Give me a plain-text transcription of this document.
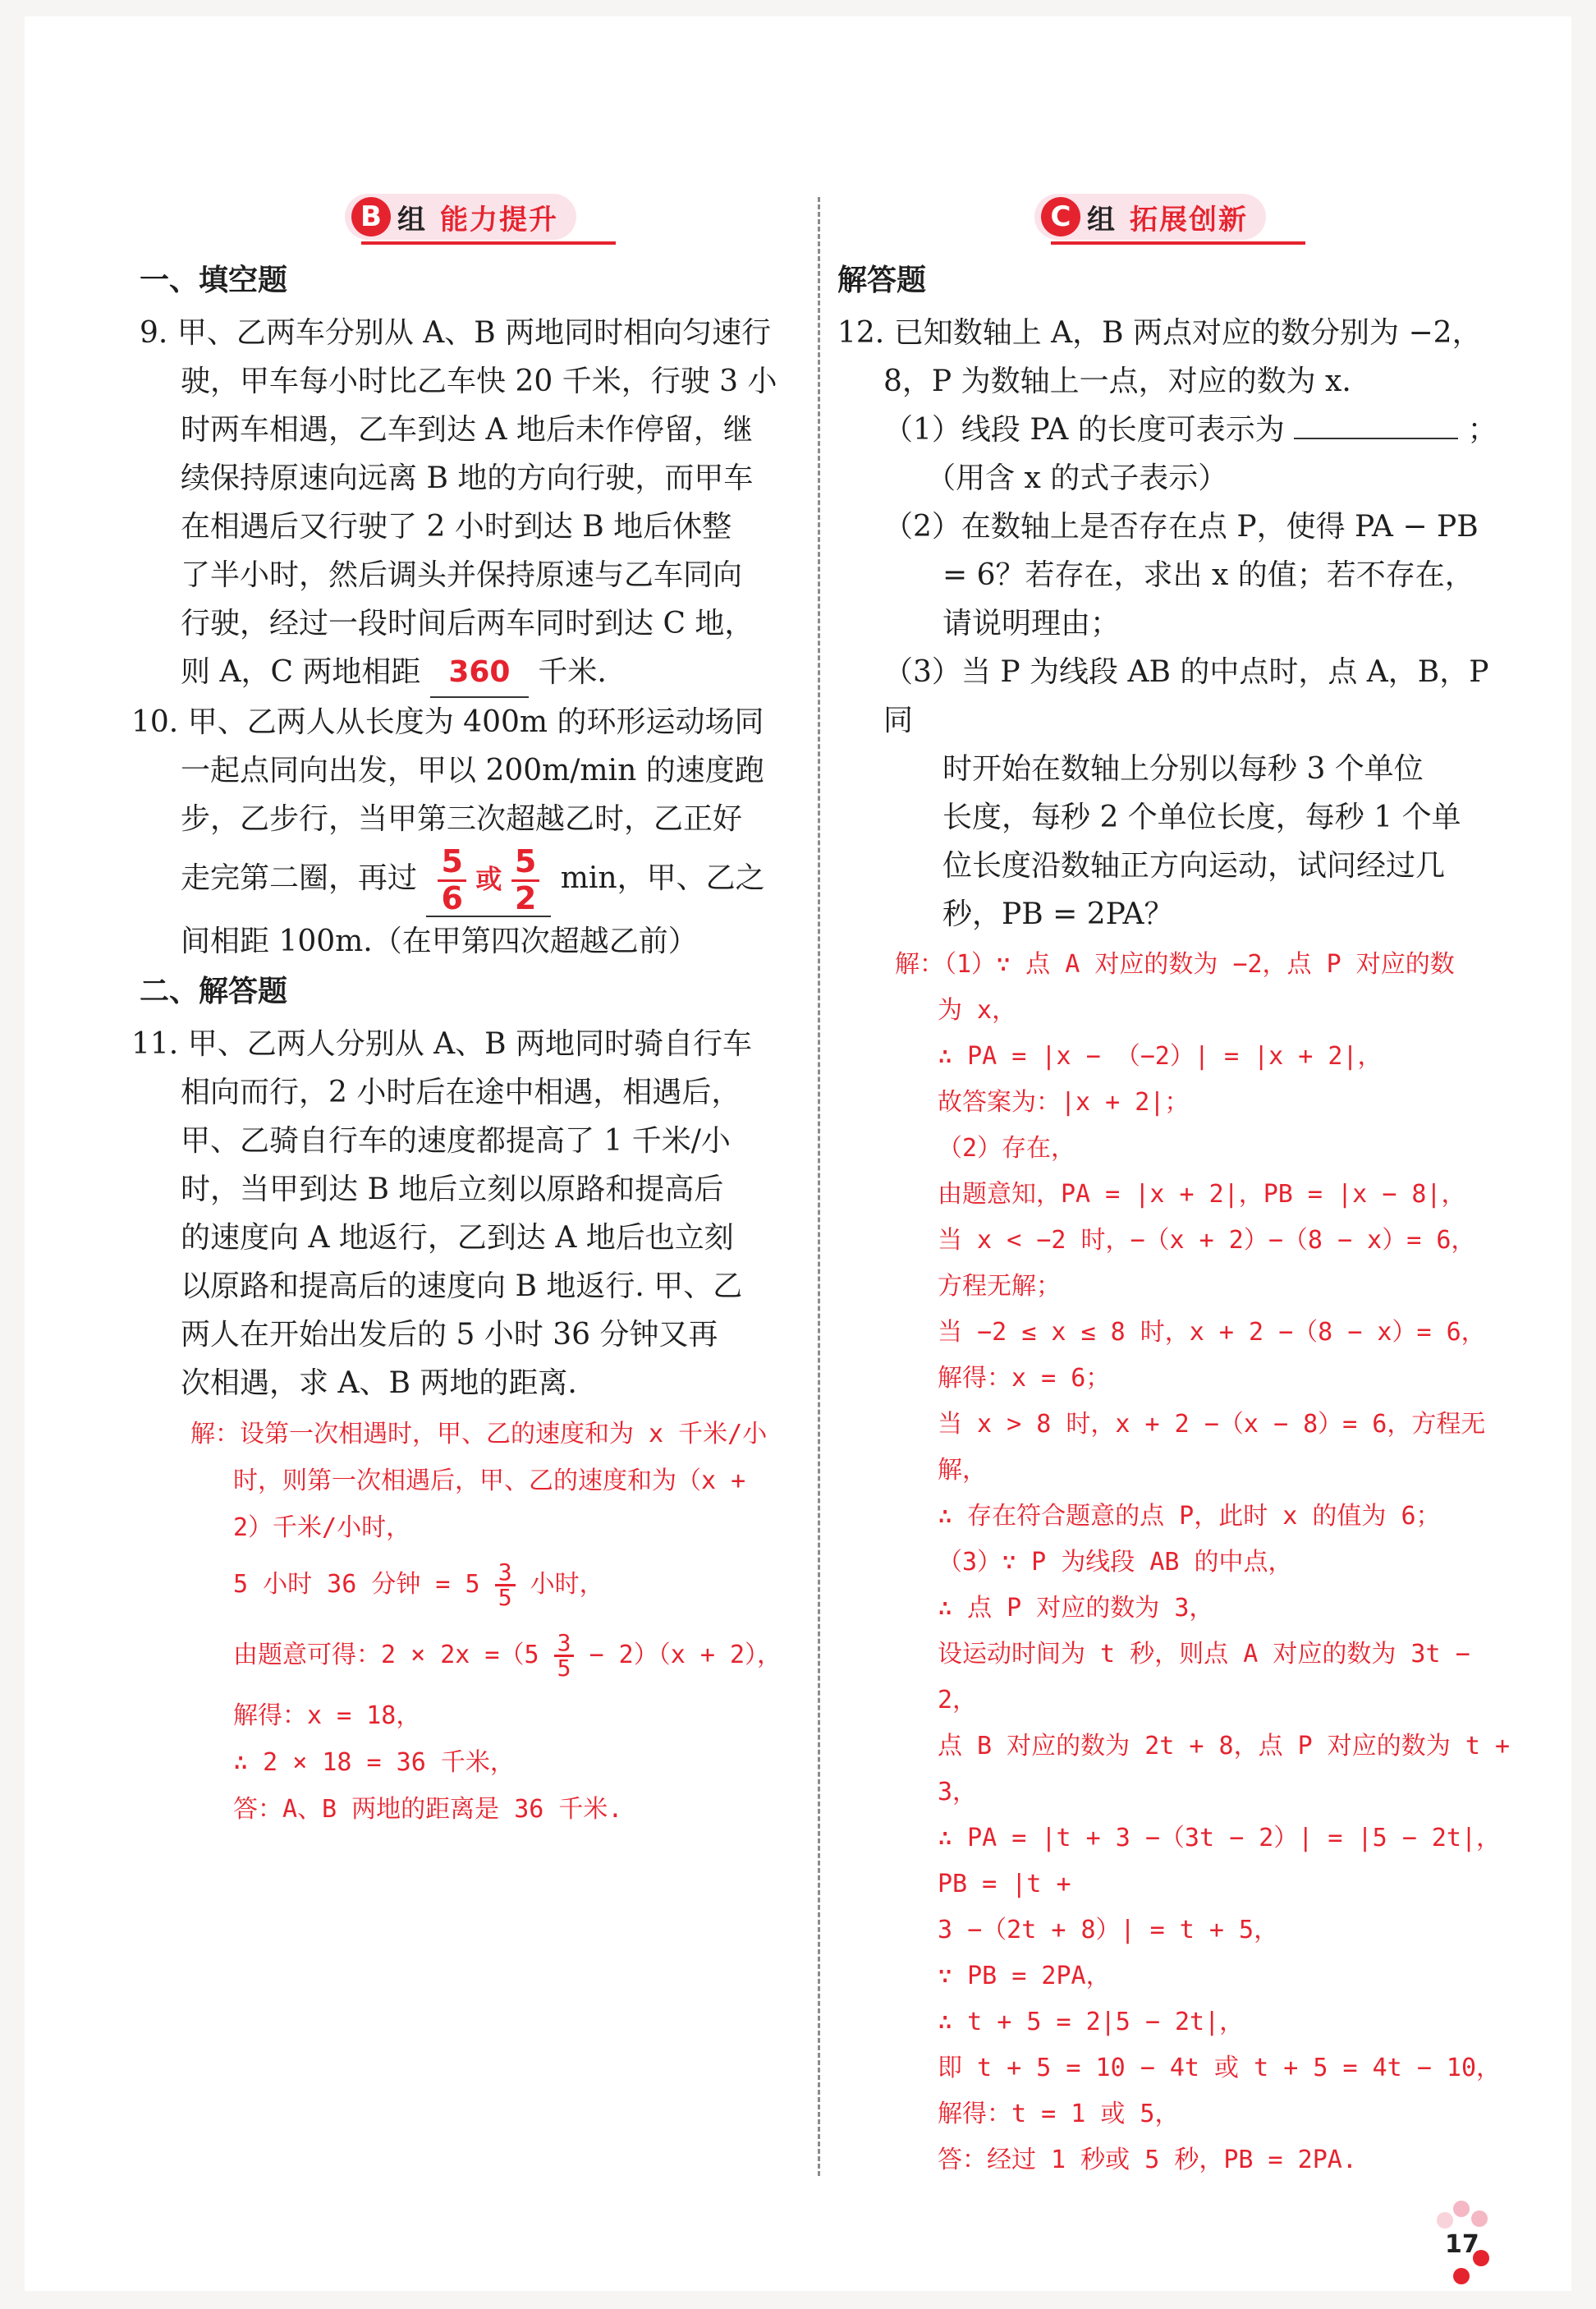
B 组 能力提升
一、填空题

9. 甲、乙两车分别从 A、B 两地同时相向匀速行

驶，甲车每小时比乙车快 20 千米，行驶 3 小

时两车相遇，乙车到达 A 地后未作停留，继

续保持原速向远离 B 地的方向行驶，而甲车

在相遇后又行驶了 2 小时到达 B 地后休整

了半小时，然后调头并保持原速与乙车同向

行驶，经过一段时间后两车同时到达 C 地，

则 A，C 两地相距 360 千米.

10. 甲、乙两人从长度为 400m 的环形运动场同

一起点同向出发，甲以 200m/min 的速度跑

步，乙步行，当甲第三次超越乙时，乙正好

走完第二圈，再过 $\frac{5}{6}$ 或 $\frac{5}{2}$ min，甲、乙之

间相距 100m.（在甲第四次超越乙前）

二、解答题

11. 甲、乙两人分别从 A、B 两地同时骑自行车

相向而行，2 小时后在途中相遇，相遇后，

甲、乙骑自行车的速度都提高了 1 千米/小

时，当甲到达 B 地后立刻以原路和提高后

的速度向 A 地返行，乙到达 A 地后也立刻

以原路和提高后的速度向 B 地返行. 甲、乙

两人在开始出发后的 5 小时 36 分钟又再

次相遇，求 A、B 两地的距离.

解：设第一次相遇时，甲、乙的速度和为 x 千米/小

时，则第一次相遇后，甲、乙的速度和为（x +

2）千米/小时，

5 小时 36 分钟 = $5 \frac{3}{5}$ 小时，

由题意可得：$2 \times 2x =(5 \frac{3}{5} - 2)(x + 2)$，

解得：x = 18，

∴ 2 × 18 = 36 千米，

答：A、B 两地的距离是 36 千米.

C 组 拓展创新
解答题

12. 已知数轴上 A，B 两点对应的数分别为 −2，

8，P 为数轴上一点，对应的数为 x.

（1）线段 PA 的长度可表示为	；

（用含 x 的式子表示）

（2）在数轴上是否存在点 P，使得 PA − PB

= 6？若存在，求出 x 的值；若不存在，

请说明理由；

（3）当 P 为线段 AB 的中点时，点 A，B，P 同

时开始在数轴上分别以每秒 3 个单位

长度，每秒 2 个单位长度，每秒 1 个单

位长度沿数轴正方向运动，试问经过几

秒，PB = 2PA？

解：（1）∵ 点 A 对应的数为 −2，点 P 对应的数

为 x，

∴ PA = |x − （−2）| = |x + 2|，

故答案为：|x + 2|；

（2）存在，

由题意知，PA = |x + 2|，PB = |x − 8|，

当 x < −2 时，−（x + 2）−（8 − x）= 6，

方程无解；

当 −2 ≤ x ≤ 8 时，x + 2 −（8 − x）= 6，

解得：x = 6；

当 x > 8 时，x + 2 −（x − 8）= 6，方程无解，

∴ 存在符合题意的点 P，此时 x 的值为 6；

（3）∵ P 为线段 AB 的中点，

∴ 点 P 对应的数为 3，

设运动时间为 t 秒，则点 A 对应的数为 3t − 2，

点 B 对应的数为 2t + 8，点 P 对应的数为 t + 3，

∴ PA = |t + 3 −（3t − 2）| = |5 − 2t|，PB = |t +

3 −（2t + 8）| = t + 5，

∵ PB = 2PA，

∴ t + 5 = 2|5 − 2t|，

即 t + 5 = 10 − 4t 或 t + 5 = 4t − 10，

解得：t = 1 或 5，

答：经过 1 秒或 5 秒，PB = 2PA.

17
